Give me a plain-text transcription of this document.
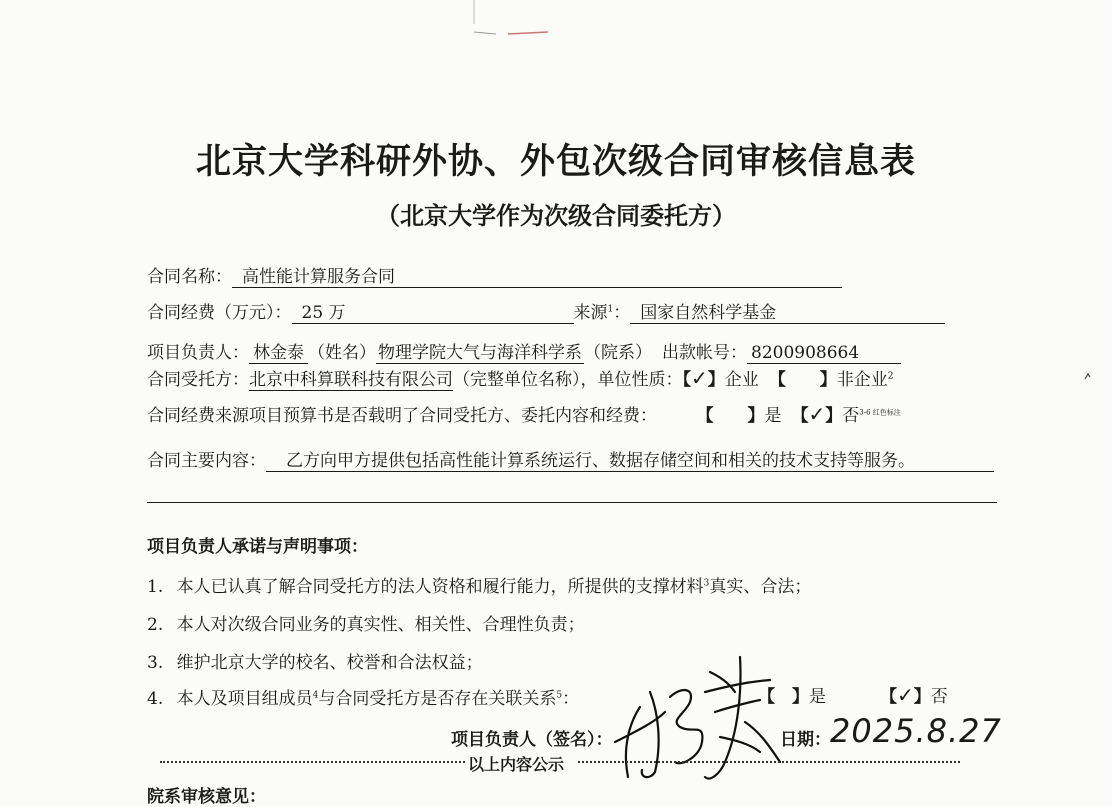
北京大学科研外协、外包次级合同审核信息表
（北京大学作为次级合同委托方）
合同名称： 高性能计算服务合同
合同经费（万元）： 25 万	来源$^1$： 国家自然科学基金
项目负责人： 林金泰 （姓名） 物理学院大气与海洋科学系 （院系） 出款帐号： 8200908664
合同受托方：北京中科算联科技有限公司（完整单位名称），单位性质：【✓】企业 【　　】非企业$^2$
合同经费来源项目预算书是否载明了合同受托方、委托内容和经费：	【　　】是 【✓】否$^{3-6 红色标注}$
合同主要内容： 乙方向甲方提供包括高性能计算系统运行、数据存储空间和相关的技术支持等服务。
项目负责人承诺与声明事项：
1. 本人已认真了解合同受托方的法人资格和履行能力，所提供的支撑材料$^3$真实、合法；
2. 本人对次级合同业务的真实性、相关性、合理性负责；
3. 维护北京大学的校名、校誉和合法权益；
4. 本人及项目组成员$^4$与合同受托方是否存在关联关系$^5$：	【　】是	【✓】否
项目负责人（签名）：	日期： 2025.8.27
以上内容公示
院系审核意见：
